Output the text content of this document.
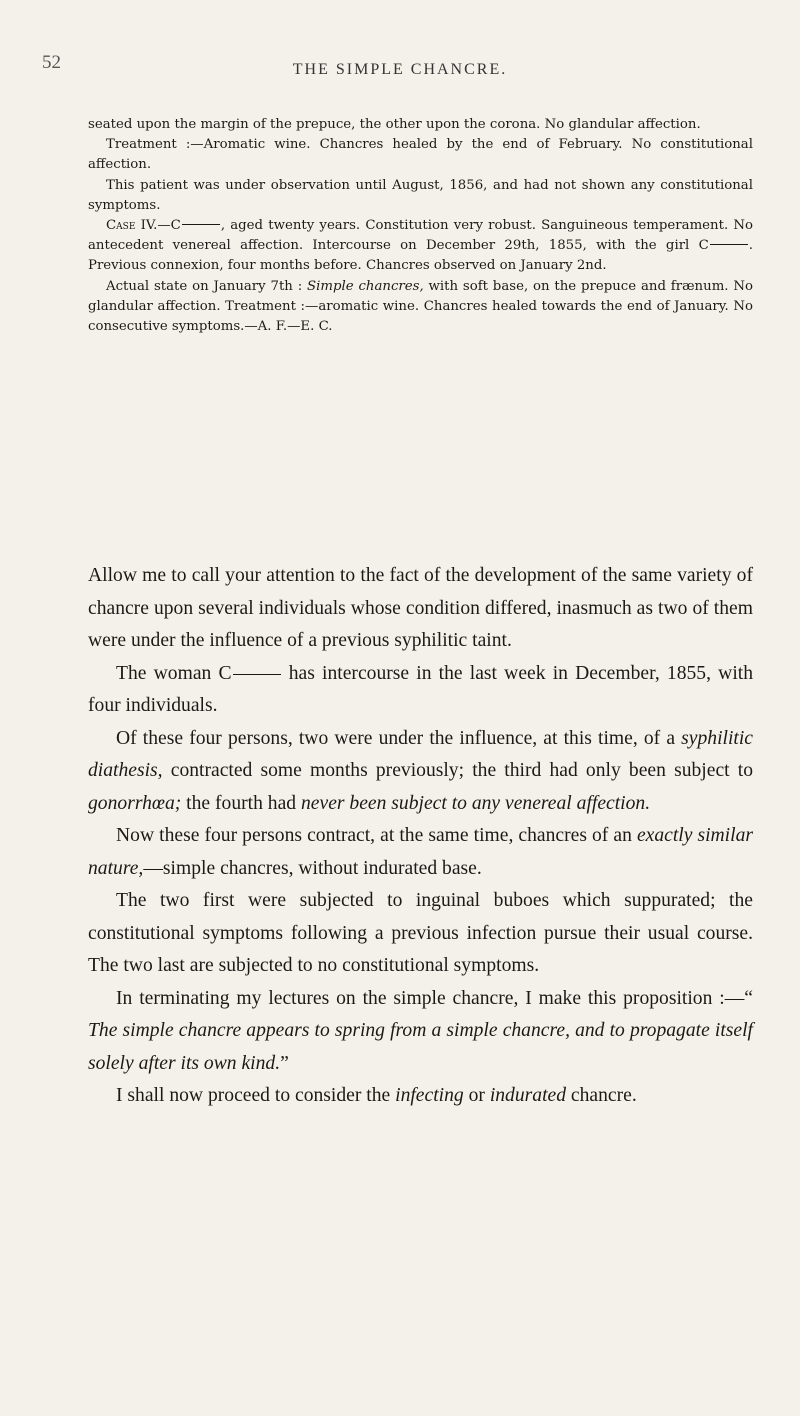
52	THE SIMPLE CHANCRE.

seated upon the margin of the prepuce, the other upon the corona. No glandular affection.

Treatment :—Aromatic wine. Chancres healed by the end of February. No constitutional affection.

This patient was under observation until August, 1856, and had not shown any constitutional symptoms.

Case IV.—C	, aged twenty years. Constitution very robust. Sanguineous temperament. No antecedent venereal affection. Intercourse on December 29th, 1855, with the girl C	. Previous connexion, four months before. Chancres observed on January 2nd.

Actual state on January 7th : Simple chancres, with soft base, on the prepuce and frænum. No glandular affection. Treatment :—aromatic wine. Chancres healed towards the end of January. No consecutive symptoms.—A. F.—E. C.

Allow me to call your attention to the fact of the development of the same variety of chancre upon several individuals whose condition differed, inasmuch as two of them were under the influence of a previous syphilitic taint.

The woman C	has intercourse in the last week in December, 1855, with four individuals.

Of these four persons, two were under the influence, at this time, of a syphilitic diathesis, contracted some months previously; the third had only been subject to gonorrhœa; the fourth had never been subject to any venereal affection.

Now these four persons contract, at the same time, chancres of an exactly similar nature,—simple chancres, without indurated base.

The two first were subjected to inguinal buboes which suppurated; the constitutional symptoms following a previous infection pursue their usual course. The two last are subjected to no constitutional symptoms.

In terminating my lectures on the simple chancre, I make this proposition :—“ The simple chancre appears to spring from a simple chancre, and to propagate itself solely after its own kind.”

I shall now proceed to consider the infecting or indurated chancre.
